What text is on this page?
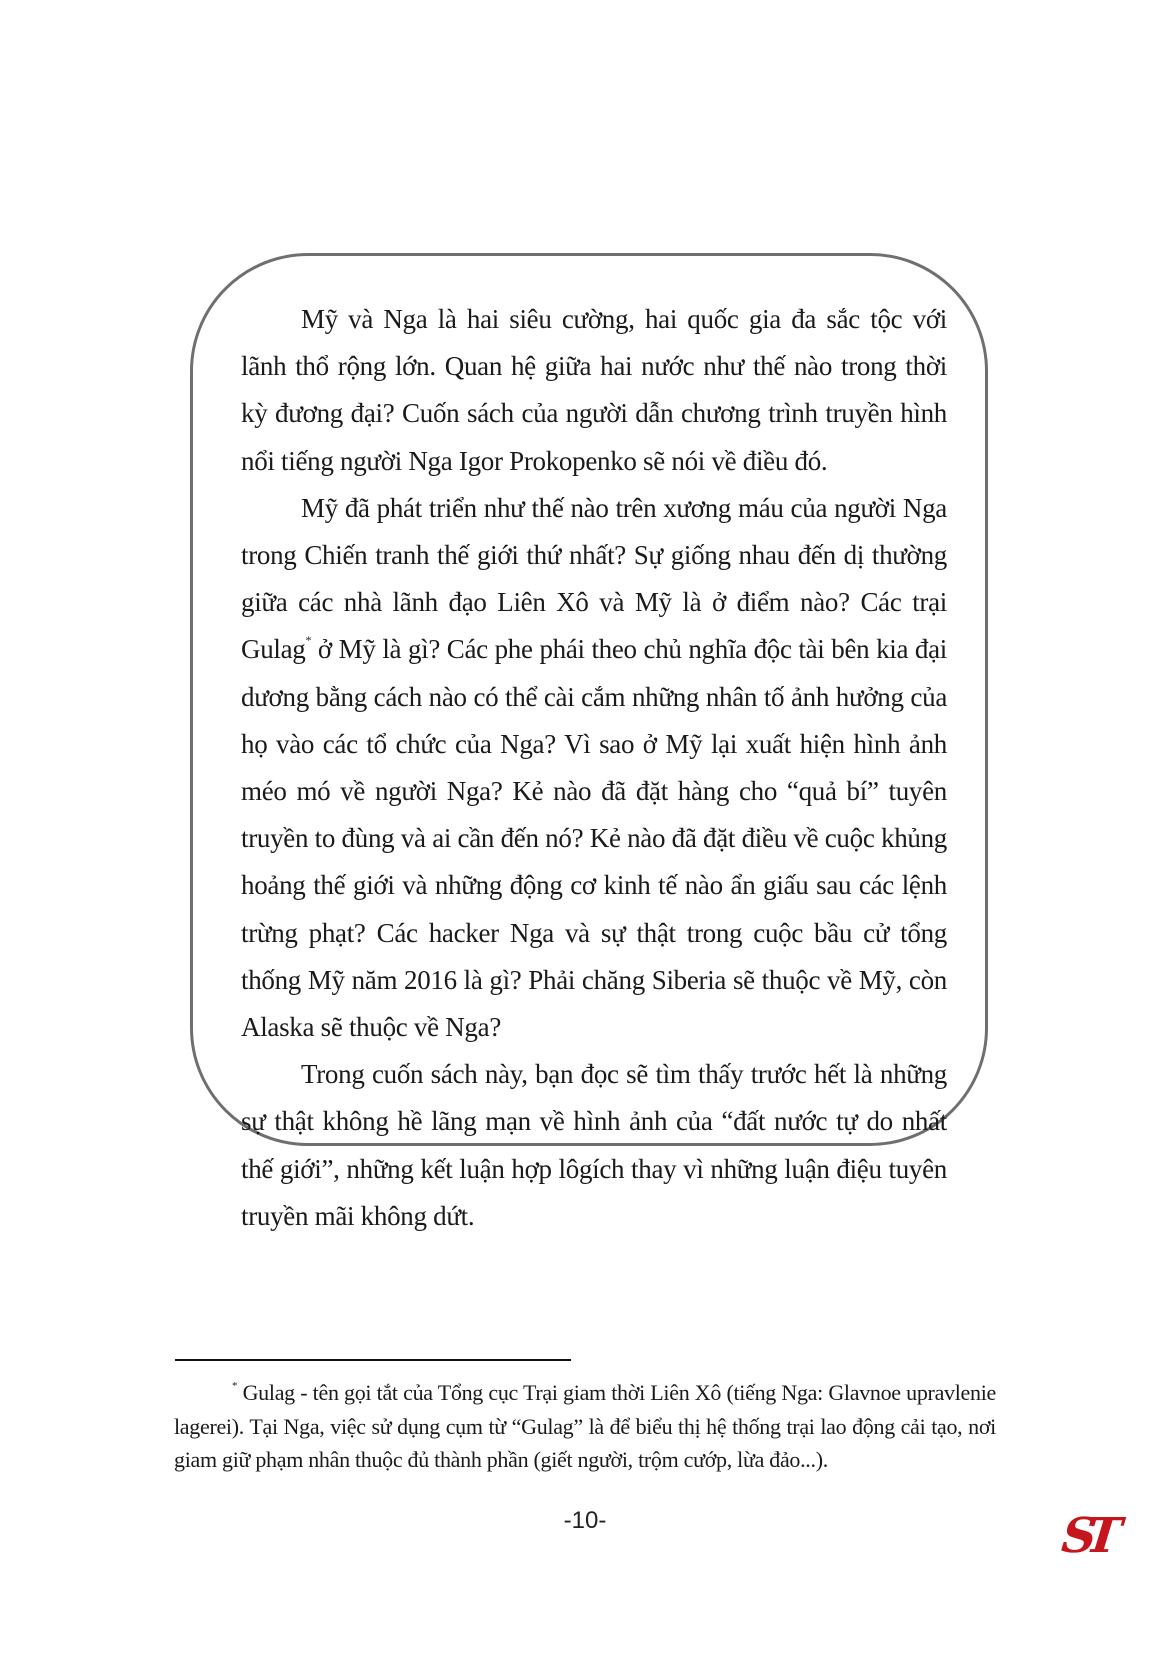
Mỹ và Nga là hai siêu cường, hai quốc gia đa sắc tộc với lãnh thổ rộng lớn. Quan hệ giữa hai nước như thế nào trong thời kỳ đương đại? Cuốn sách của người dẫn chương trình truyền hình nổi tiếng người Nga Igor Prokopenko sẽ nói về điều đó.

Mỹ đã phát triển như thế nào trên xương máu của người Nga trong Chiến tranh thế giới thứ nhất? Sự giống nhau đến dị thường giữa các nhà lãnh đạo Liên Xô và Mỹ là ở điểm nào? Các trại Gulag* ở Mỹ là gì? Các phe phái theo chủ nghĩa độc tài bên kia đại dương bằng cách nào có thể cài cắm những nhân tố ảnh hưởng của họ vào các tổ chức của Nga? Vì sao ở Mỹ lại xuất hiện hình ảnh méo mó về người Nga? Kẻ nào đã đặt hàng cho “quả bí” tuyên truyền to đùng và ai cần đến nó? Kẻ nào đã đặt điều về cuộc khủng hoảng thế giới và những động cơ kinh tế nào ẩn giấu sau các lệnh trừng phạt? Các hacker Nga và sự thật trong cuộc bầu cử tổng thống Mỹ năm 2016 là gì? Phải chăng Siberia sẽ thuộc về Mỹ, còn Alaska sẽ thuộc về Nga?

Trong cuốn sách này, bạn đọc sẽ tìm thấy trước hết là những sự thật không hề lãng mạn về hình ảnh của “đất nước tự do nhất thế giới”, những kết luận hợp lôgích thay vì những luận điệu tuyên truyền mãi không dứt.

* Gulag - tên gọi tắt của Tổng cục Trại giam thời Liên Xô (tiếng Nga: Glavnoe upravlenie lagerei). Tại Nga, việc sử dụng cụm từ “Gulag” là để biểu thị hệ thống trại lao động cải tạo, nơi giam giữ phạm nhân thuộc đủ thành phần (giết người, trộm cướp, lừa đảo...).

-10-	ST
